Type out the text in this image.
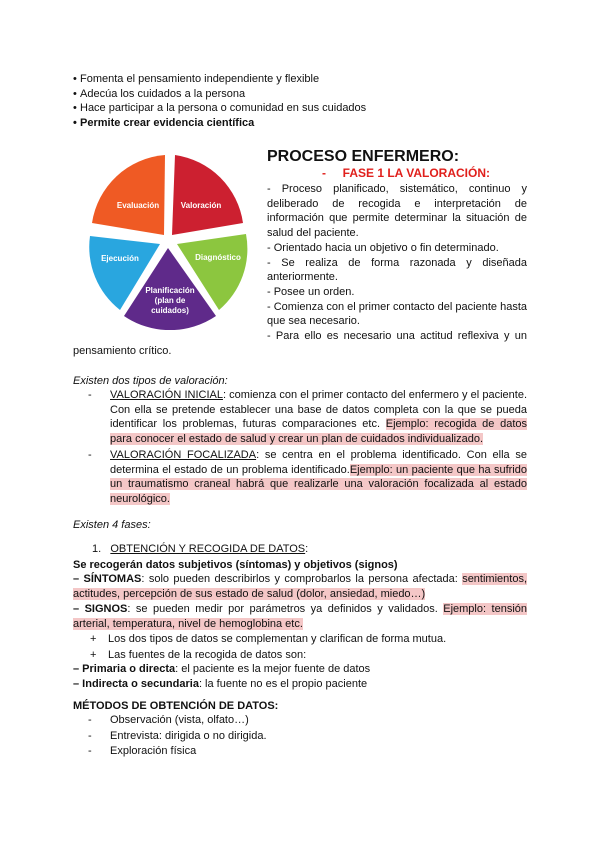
• Fomenta el pensamiento independiente y flexible
• Adecúa los cuidados a la persona
• Hace participar a la persona o comunidad en sus cuidados
• Permite crear evidencia científica
Valoración
Diagnóstico
Planificación
(plan de
cuidados)
Ejecución
Evaluación
PROCESO ENFERMERO:
- FASE 1 LA VALORACIÓN:
- Proceso planificado, sistemático, continuo y deliberado de recogida e interpretación de información que permite determinar la situación de salud del paciente.
- Orientado hacia un objetivo o fin determinado.
- Se realiza de forma razonada y diseñada anteriormente.
- Posee un orden.
- Comienza con el primer contacto del paciente hasta que sea necesario.
- Para ello es necesario una actitud reflexiva y un
pensamiento crítico.
Existen dos tipos de valoración:
- VALORACIÓN INICIAL: comienza con el primer contacto del enfermero y el paciente. Con ella se pretende establecer una base de datos completa con la que se pueda identificar los problemas, futuras comparaciones etc. Ejemplo: recogida de datos para conocer el estado de salud y crear un plan de cuidados individualizado.
- VALORACIÓN FOCALIZADA: se centra en el problema identificado. Con ella se determina el estado de un problema identificado.Ejemplo: un paciente que ha sufrido un traumatismo craneal habrá que realizarle una valoración focalizada al estado neurológico.
Existen 4 fases:
1. OBTENCIÓN Y RECOGIDA DE DATOS:
Se recogerán datos subjetivos (síntomas) y objetivos (signos)
– SÍNTOMAS: solo pueden describirlos y comprobarlos la persona afectada: sentimientos, actitudes, percepción de sus estado de salud (dolor, ansiedad, miedo…)
– SIGNOS: se pueden medir por parámetros ya definidos y validados. Ejemplo: tensión arterial, temperatura, nivel de hemoglobina etc.
+ Los dos tipos de datos se complementan y clarifican de forma mutua.
+ Las fuentes de la recogida de datos son:
– Primaria o directa: el paciente es la mejor fuente de datos
– Indirecta o secundaria: la fuente no es el propio paciente
MÉTODOS DE OBTENCIÓN DE DATOS:
- Observación (vista, olfato…)
- Entrevista: dirigida o no dirigida.
- Exploración física
